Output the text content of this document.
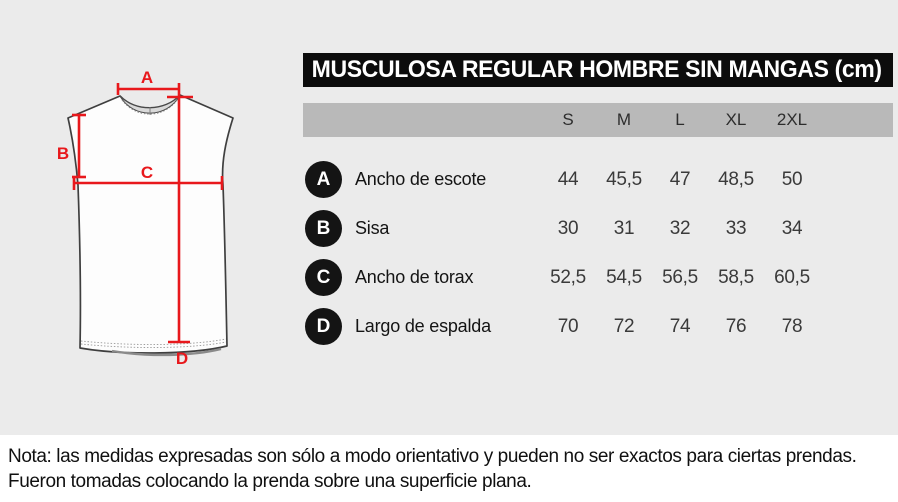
A
B
C
D
MUSCULOSA REGULAR HOMBRE SIN MANGAS (cm)
S	M	L	XL	2XL
A	Ancho de escote	44	45,5	47	48,5	50
B	Sisa	30	31	32	33	34
C	Ancho de torax	52,5	54,5	56,5	58,5	60,5
D	Largo de espalda	70	72	74	76	78
Nota: las medidas expresadas son sólo a modo orientativo y pueden no ser exactos para ciertas prendas.
Fueron tomadas colocando la prenda sobre una superficie plana.
